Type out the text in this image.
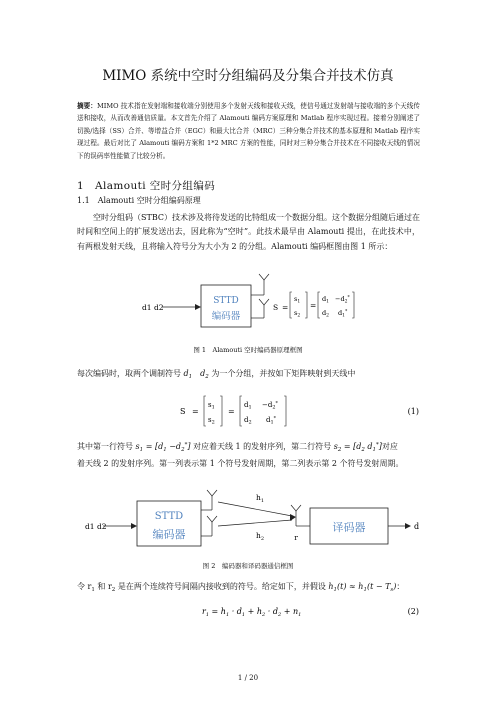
MIMO 系统中空时分组编码及分集合并技术仿真
摘要：MIMO 技术指在发射端和接收端分别使用多个发射天线和接收天线，使信号通过发射端与接收端的多个天线传送和接收，从而改善通信质量。本文首先介绍了 Alamouti 编码方案原理和 Matlab 程序实现过程。接着分别阐述了切换/选择（SS）合并、等增益合并（EGC）和最大比合并（MRC）三种分集合并技术的基本原理和 Matlab 程序实现过程。最后对比了 Alamouti 编码方案和 1*2 MRC 方案的性能，同时对三种分集合并技术在不同接收天线的情况下的误码率性能做了比较分析。
1　Alamouti 空时分组编码
1.1　Alamouti 空时分组编码原理
空时分组码（STBC）技术涉及将待发送的比特组成一个数据分组。这个数据分组随后通过在时间和空间上的扩展发送出去，因此称为“空时”。此技术最早由 Alamouti 提出，在此技术中，有两根发射天线，且将输入符号分为大小为 2 的分组。Alamouti 编码框图由图 1 所示：
d1 d2
STTD
编码器
S =
$s_1$
$s_2$
=
$d_1 -d_2^*$
$d_2$ $d_1^*$
图 1　 Alamouti 空时编码器原理框图
每次编码时，取两个调制符号 $d_1$　$d_2$ 为一个分组，并按如下矩阵映射到天线中
S =
$s_1$
$s_2$
=
$d_1 -d_2^*$
$d_2$ $d_1^*$
(1)
其中第一行符号 $s_1 = [d_1 -d_2^*]$ 对应着天线 1 的发射序列，第二行符号 $s_2 = [d_2$ $d_1^*$]对应
着天线 2 的发射序列。第一列表示第 1 个符号发射周期，第二列表示第 2 个符号发射周期。
d1 d2
STTD
编码器
$h_1$
$h_2$	r
译码器	d
图 2　编码器和译码器通信框图
令 $r_1$ 和 $r_2$ 是在两个连续符号间隔内接收到的符号。给定如下，并假设 $h_1(t) \approx h_1(t - T_s)$：
$r_1 = h_1 \cdot d_1 + h_2 \cdot d_2 + n_1$	(2)
1 / 20
